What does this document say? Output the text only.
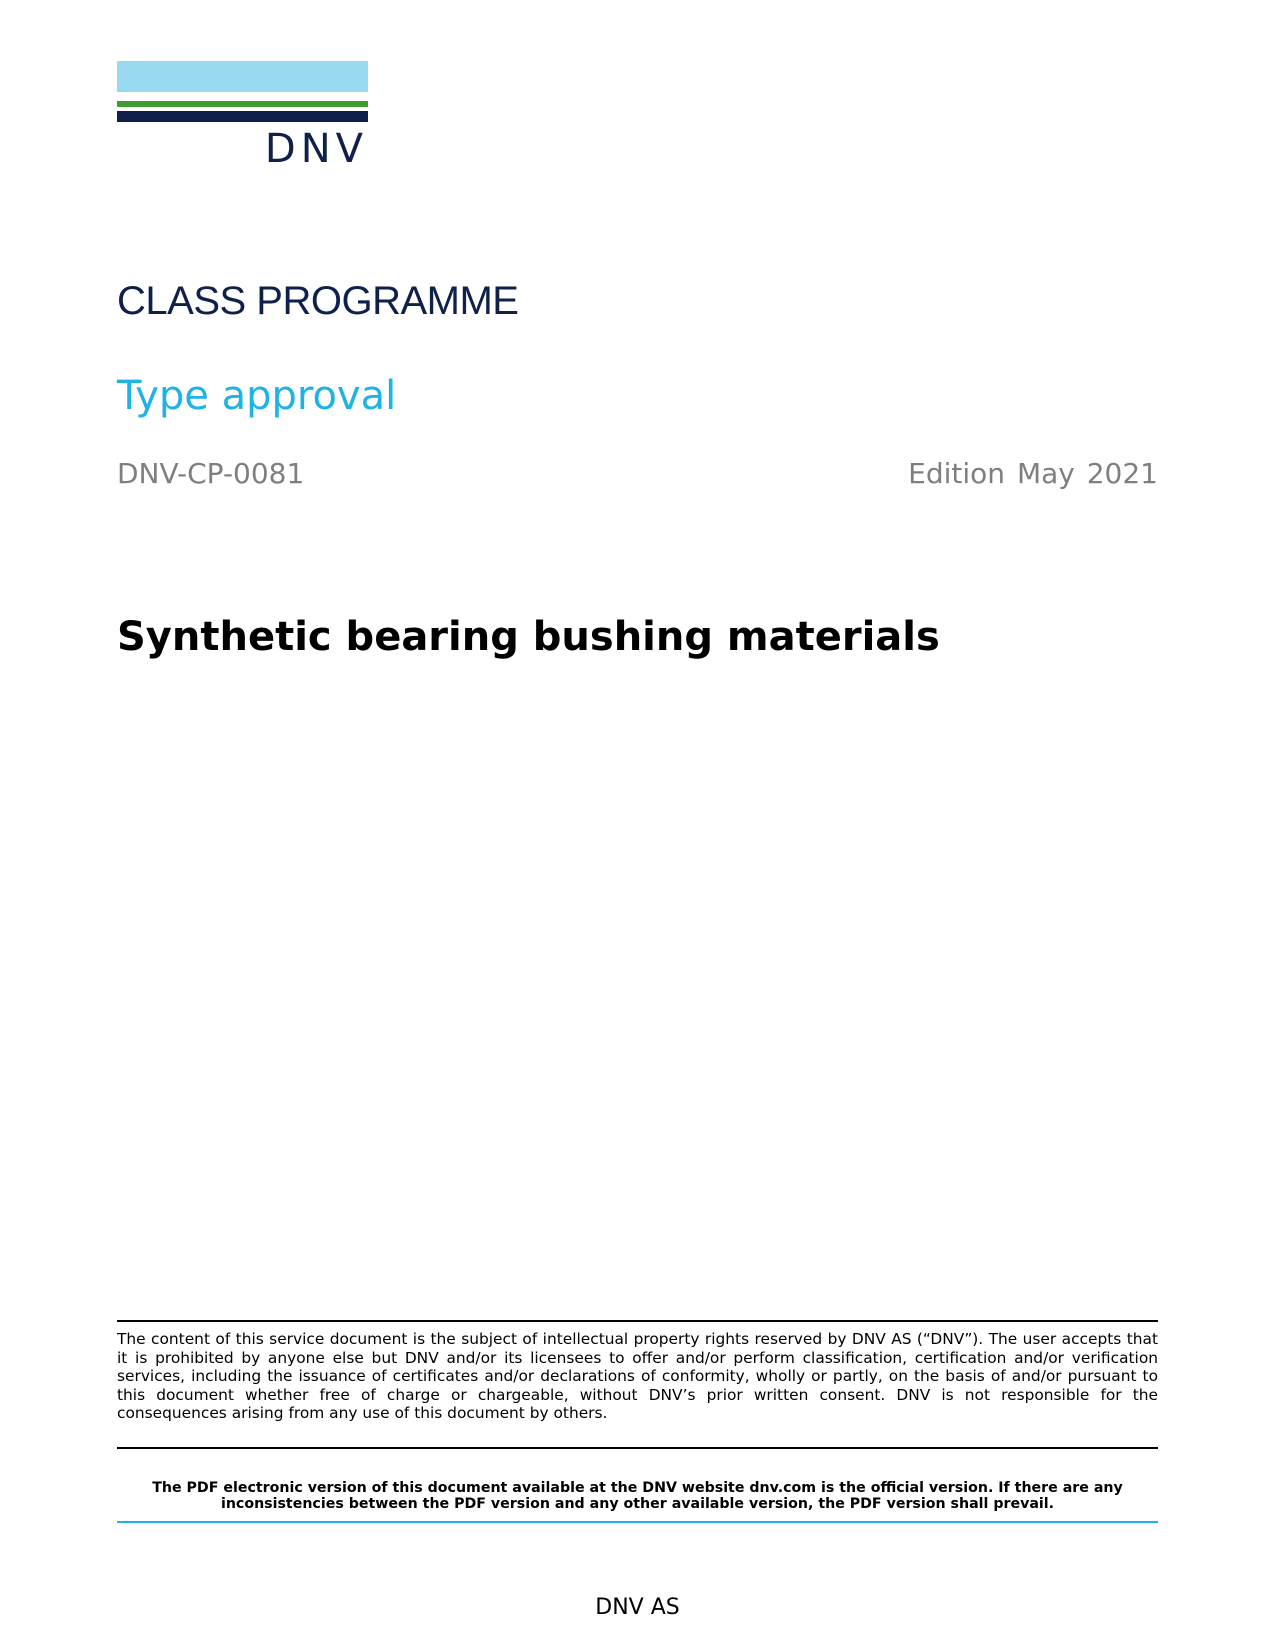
DNV
CLASS PROGRAMME
Type approval
DNV-CP-0081	Edition May 2021
Synthetic bearing bushing materials
The content of this service document is the subject of intellectual property rights reserved by DNV AS (“DNV”). The user accepts that it is prohibited by anyone else but DNV and/or its licensees to offer and/or perform classification, certification and/or verification services, including the issuance of certificates and/or declarations of conformity, wholly or partly, on the basis of and/or pursuant to this document whether free of charge or chargeable, without DNV’s prior written consent. DNV is not responsible for the consequences arising from any use of this document by others.
The PDF electronic version of this document available at the DNV website dnv.com is the official version. If there are any inconsistencies between the PDF version and any other available version, the PDF version shall prevail.
DNV AS
